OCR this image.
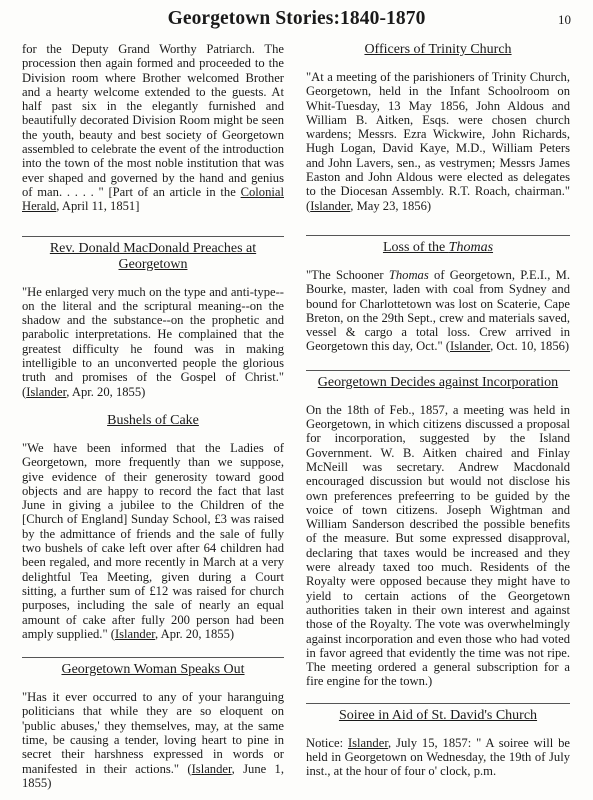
Georgetown Stories:1840-1870	10

for the Deputy Grand Worthy Patriarch. The procession then again formed and proceeded to the Division room where Brother welcomed Brother and a hearty welcome extended to the guests. At half past six in the elegantly furnished and beautifully decorated Division Room might be seen the youth, beauty and best society of Georgetown assembled to celebrate the event of the introduction into the town of the most noble institution that was ever shaped and governed by the hand and genius of man. . . . . " [Part of an article in the Colonial Herald, April 11, 1851]

Rev. Donald MacDonald Preaches at
Georgetown

"He enlarged very much on the type and anti-type--on the literal and the scriptural meaning--on the shadow and the substance--on the prophetic and parabolic interpretations. He complained that the greatest difficulty he found was in making intelligible to an unconverted people the glorious truth and promises of the Gospel of Christ." (Islander, Apr. 20, 1855)

Bushels of Cake

"We have been informed that the Ladies of Georgetown, more frequently than we suppose, give evidence of their generosity toward good objects and are happy to record the fact that last June in giving a jubilee to the Children of the [Church of England] Sunday School, £3 was raised by the admittance of friends and the sale of fully two bushels of cake left over after 64 children had been regaled, and more recently in March at a very delightful Tea Meeting, given during a Court sitting, a further sum of £12 was raised for church purposes, including the sale of nearly an equal amount of cake after fully 200 person had been amply supplied." (Islander, Apr. 20, 1855)

Georgetown Woman Speaks Out

"Has it ever occurred to any of your haranguing politicians that while they are so eloquent on 'public abuses,' they themselves, may, at the same time, be causing a tender, loving heart to pine in secret their harshness expressed in words or manifested in their actions." (Islander, June 1, 1855)

Officers of Trinity Church

"At a meeting of the parishioners of Trinity Church, Georgetown, held in the Infant Schoolroom on Whit-Tuesday, 13 May 1856, John Aldous and William B. Aitken, Esqs. were chosen church wardens; Messrs. Ezra Wickwire, John Richards, Hugh Logan, David Kaye, M.D., William Peters and John Lavers, sen., as vestrymen; Messrs James Easton and John Aldous were elected as delegates to the Diocesan Assembly. R.T. Roach, chairman." (Islander, May 23, 1856)

Loss of the Thomas

"The Schooner Thomas of Georgetown, P.E.I., M. Bourke, master, laden with coal from Sydney and bound for Charlottetown was lost on Scaterie, Cape Breton, on the 29th Sept., crew and materials saved, vessel & cargo a total loss. Crew arrived in Georgetown this day, Oct." (Islander, Oct. 10, 1856)

Georgetown Decides against Incorporation

On the 18th of Feb., 1857, a meeting was held in Georgetown, in which citizens discussed a proposal for incorporation, suggested by the Island Government. W. B. Aitken chaired and Finlay McNeill was secretary. Andrew Macdonald encouraged discussion but would not disclose his own preferences prefeerring to be guided by the voice of town citizens. Joseph Wightman and William Sanderson described the possible benefits of the measure. But some expressed disapproval, declaring that taxes would be increased and they were already taxed too much. Residents of the Royalty were opposed because they might have to yield to certain actions of the Georgetown authorities taken in their own interest and against those of the Royalty. The vote was overwhelmingly against incorporation and even those who had voted in favor agreed that evidently the time was not ripe. The meeting ordered a general subscription for a fire engine for the town.)

Soiree in Aid of St. David's Church

Notice: Islander, July 15, 1857: " A soiree will be held in Georgetown on Wednesday, the 19th of July inst., at the hour of four o' clock, p.m.
